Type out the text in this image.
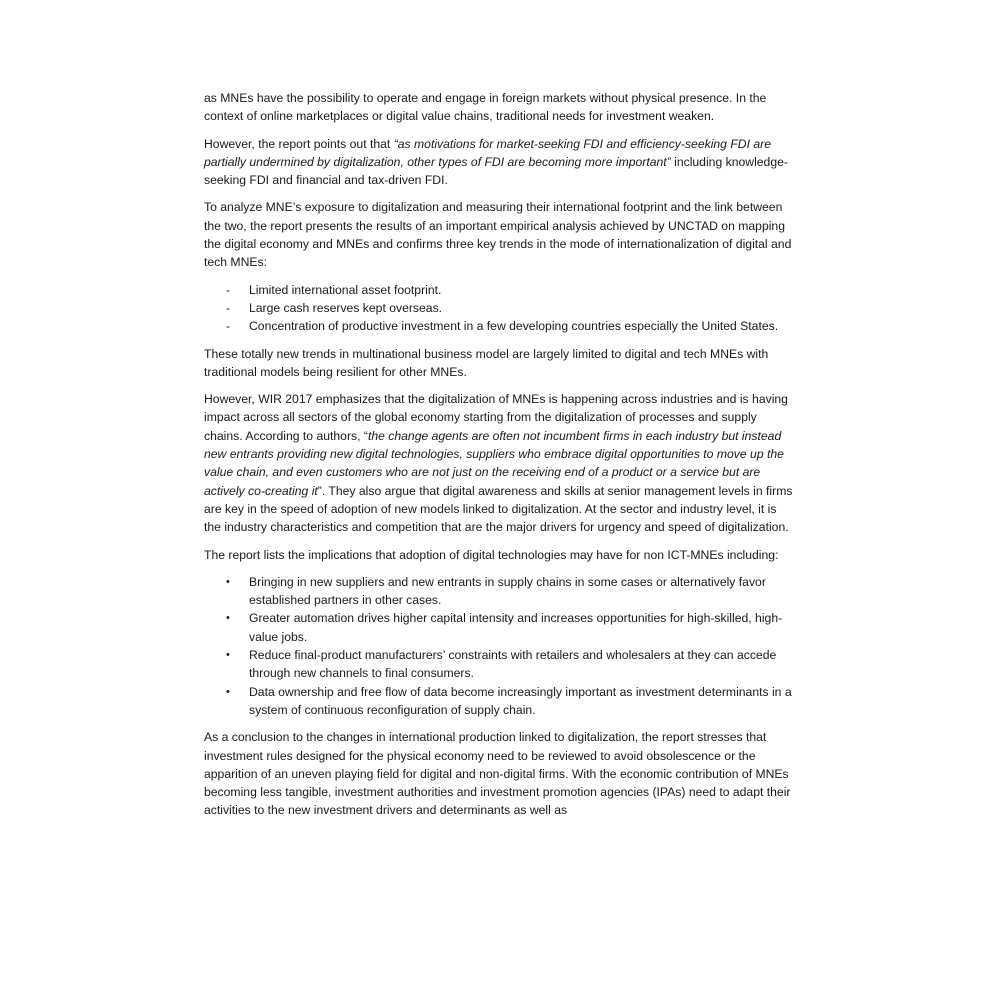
as MNEs have the possibility to operate and engage in foreign markets without physical presence. In the context of online marketplaces or digital value chains, traditional needs for investment weaken.

However, the report points out that “as motivations for market-seeking FDI and efficiency-seeking FDI are partially undermined by digitalization, other types of FDI are becoming more important” including knowledge-seeking FDI and financial and tax-driven FDI.

To analyze MNE’s exposure to digitalization and measuring their international footprint and the link between the two, the report presents the results of an important empirical analysis achieved by UNCTAD on mapping the digital economy and MNEs and confirms three key trends in the mode of internationalization of digital and tech MNEs:

-	Limited international asset footprint.
-	Large cash reserves kept overseas.
-	Concentration of productive investment in a few developing countries especially the United States.

These totally new trends in multinational business model are largely limited to digital and tech MNEs with traditional models being resilient for other MNEs.

However, WIR 2017 emphasizes that the digitalization of MNEs is happening across industries and is having impact across all sectors of the global economy starting from the digitalization of processes and supply chains. According to authors, “the change agents are often not incumbent firms in each industry but instead new entrants providing new digital technologies, suppliers who embrace digital opportunities to move up the value chain, and even customers who are not just on the receiving end of a product or a service but are actively co-creating it”. They also argue that digital awareness and skills at senior management levels in firms are key in the speed of adoption of new models linked to digitalization. At the sector and industry level, it is the industry characteristics and competition that are the major drivers for urgency and speed of digitalization.

The report lists the implications that adoption of digital technologies may have for non ICT-MNEs including:

•	Bringing in new suppliers and new entrants in supply chains in some cases or alternatively favor established partners in other cases.
•	Greater automation drives higher capital intensity and increases opportunities for high-skilled, high-value jobs.
•	Reduce final-product manufacturers’ constraints with retailers and wholesalers at they can accede through new channels to final consumers.
•	Data ownership and free flow of data become increasingly important as investment determinants in a system of continuous reconfiguration of supply chain.

As a conclusion to the changes in international production linked to digitalization, the report stresses that investment rules designed for the physical economy need to be reviewed to avoid obsolescence or the apparition of an uneven playing field for digital and non-digital firms. With the economic contribution of MNEs becoming less tangible, investment authorities and investment promotion agencies (IPAs) need to adapt their activities to the new investment drivers and determinants as well as
